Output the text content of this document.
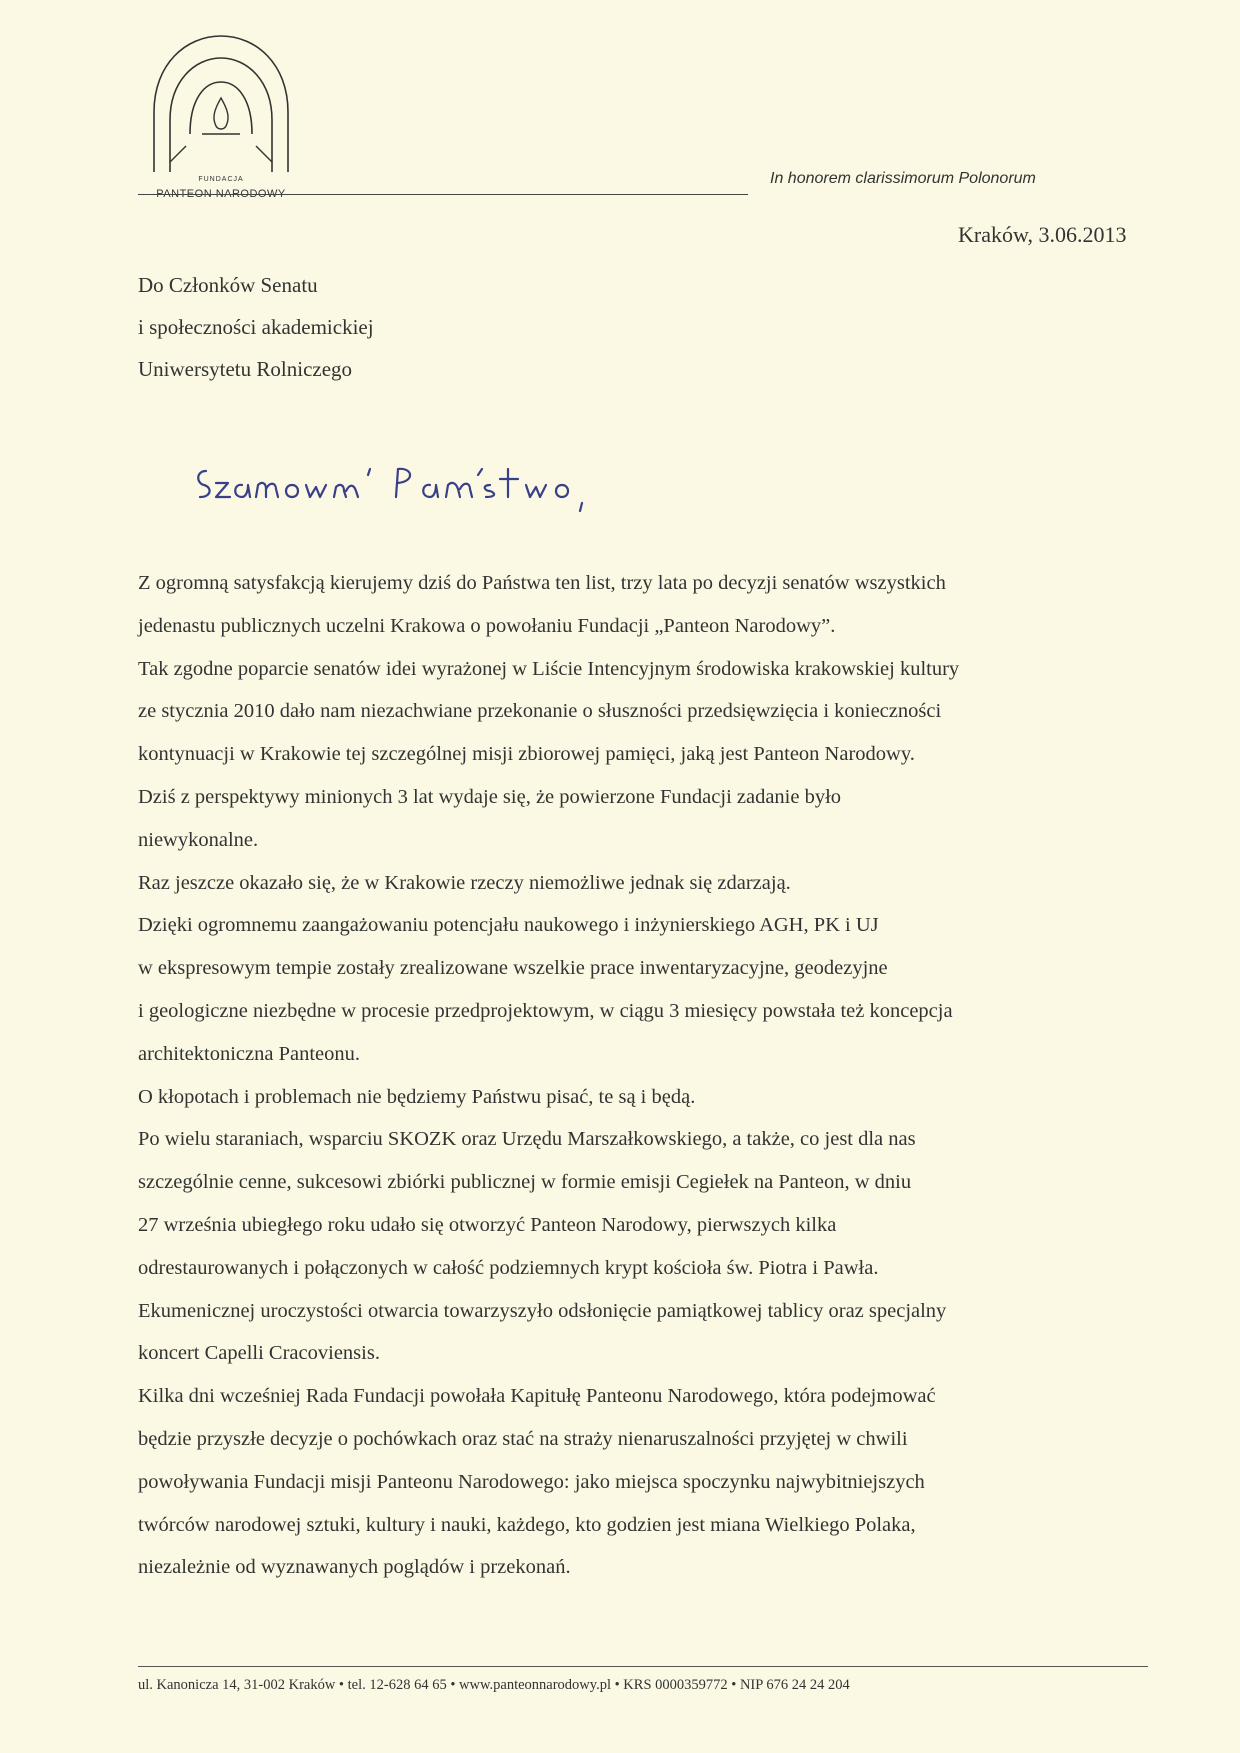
FUNDACJA
PANTEON NARODOWY
In honorem clarissimorum Polonorum
Kraków, 3.06.2013
Do Członków Senatu
i społeczności akademickiej
Uniwersytetu Rolniczego

Z ogromną satysfakcją kierujemy dziś do Państwa ten list, trzy lata po decyzji senatów wszystkich

jedenastu publicznych uczelni Krakowa o powołaniu Fundacji „Panteon Narodowy”.

Tak zgodne poparcie senatów idei wyrażonej w Liście Intencyjnym środowiska krakowskiej kultury

ze stycznia 2010 dało nam niezachwiane przekonanie o słuszności przedsięwzięcia i konieczności

kontynuacji w Krakowie tej szczególnej misji zbiorowej pamięci, jaką jest Panteon Narodowy.

Dziś z perspektywy minionych 3 lat wydaje się, że powierzone Fundacji zadanie było

niewykonalne.

Raz jeszcze okazało się, że w Krakowie rzeczy niemożliwe jednak się zdarzają.

Dzięki ogromnemu zaangażowaniu potencjału naukowego i inżynierskiego AGH, PK i UJ

w ekspresowym tempie zostały zrealizowane wszelkie prace inwentaryzacyjne, geodezyjne

i geologiczne niezbędne w procesie przedprojektowym, w ciągu 3 miesięcy powstała też koncepcja

architektoniczna Panteonu.

O kłopotach i problemach nie będziemy Państwu pisać, te są i będą.

Po wielu staraniach, wsparciu SKOZK oraz Urzędu Marszałkowskiego, a także, co jest dla nas

szczególnie cenne, sukcesowi zbiórki publicznej w formie emisji Cegiełek na Panteon, w dniu

27 września ubiegłego roku udało się otworzyć Panteon Narodowy, pierwszych kilka

odrestaurowanych i połączonych w całość podziemnych krypt kościoła św. Piotra i Pawła.

Ekumenicznej uroczystości otwarcia towarzyszyło odsłonięcie pamiątkowej tablicy oraz specjalny

koncert Capelli Cracoviensis.

Kilka dni wcześniej Rada Fundacji powołała Kapitułę Panteonu Narodowego, która podejmować

będzie przyszłe decyzje o pochówkach oraz stać na straży nienaruszalności przyjętej w chwili

powoływania Fundacji misji Panteonu Narodowego: jako miejsca spoczynku najwybitniejszych

twórców narodowej sztuki, kultury i nauki, każdego, kto godzien jest miana Wielkiego Polaka,

niezależnie od wyznawanych poglądów i przekonań.

ul. Kanonicza 14, 31-002 Kraków • tel. 12-628 64 65 • www.panteonnarodowy.pl • KRS 0000359772 • NIP 676 24 24 204
